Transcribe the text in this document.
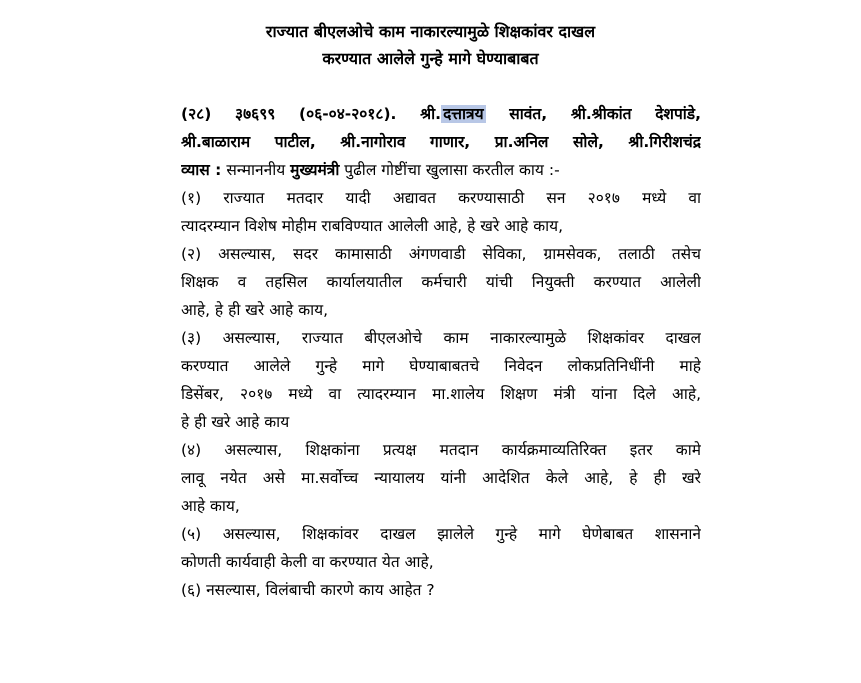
राज्यात बीएलओचे काम नाकारल्यामुळे शिक्षकांवर दाखल
करण्यात आलेले गुन्हे मागे घेण्याबाबत
(२८) ३७६९९ (०६-०४-२०१८). श्री. दत्तात्रय सावंत, श्री.श्रीकांत देशपांडे,
श्री.बाळाराम पाटील, श्री.नागोराव गाणार, प्रा.अनिल सोले, श्री.गिरीशचंद्र
व्यास : सन्माननीय मुख्यमंत्री पुढील गोष्टींचा खुलासा करतील काय :-
(१) राज्यात मतदार यादी अद्यावत करण्यासाठी सन २०१७ मध्ये वा
त्यादरम्यान विशेष मोहीम राबविण्यात आलेली आहे, हे खरे आहे काय,
(२) असल्यास, सदर कामासाठी अंगणवाडी सेविका, ग्रामसेवक, तलाठी तसेच
शिक्षक व तहसिल कार्यालयातील कर्मचारी यांची नियुक्ती करण्यात आलेली
आहे, हे ही खरे आहे काय,
(३) असल्यास, राज्यात बीएलओचे काम नाकारल्यामुळे शिक्षकांवर दाखल
करण्यात आलेले गुन्हे मागे घेण्याबाबतचे निवेदन लोकप्रतिनिधींनी माहे
डिसेंबर, २०१७ मध्ये वा त्यादरम्यान मा.शालेय शिक्षण मंत्री यांना दिले आहे,
हे ही खरे आहे काय
(४) असल्यास, शिक्षकांना प्रत्यक्ष मतदान कार्यक्रमाव्यतिरिक्त इतर कामे
लावू नयेत असे मा.सर्वोच्च न्यायालय यांनी आदेशित केले आहे, हे ही खरे
आहे काय,
(५) असल्यास, शिक्षकांवर दाखल झालेले गुन्हे मागे घेणेबाबत शासनाने
कोणती कार्यवाही केली वा करण्यात येत आहे,
(६) नसल्यास, विलंबाची कारणे काय आहेत ?
